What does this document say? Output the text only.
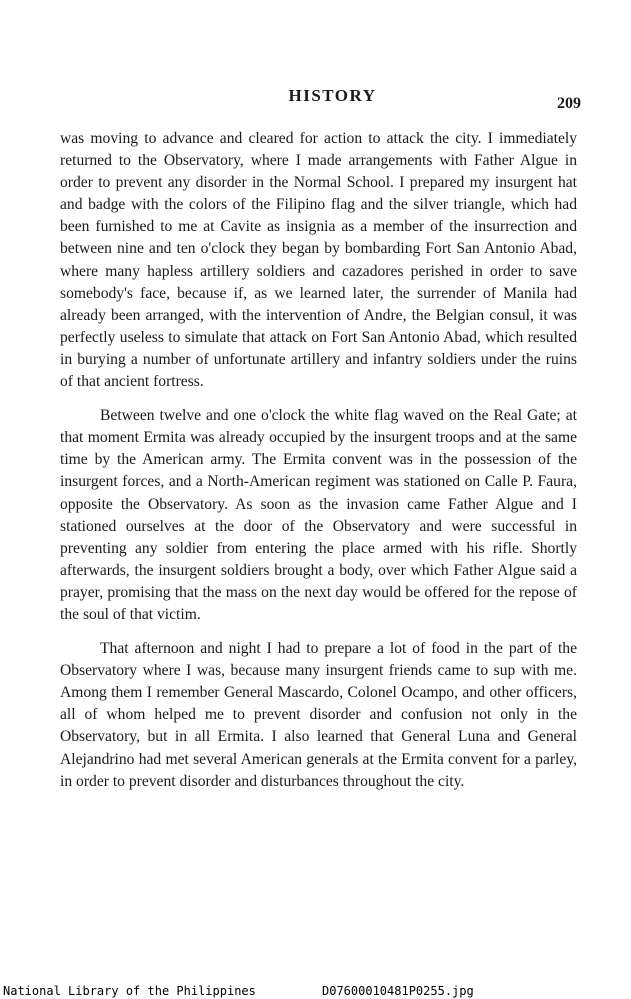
HISTORY	209

was moving to advance and cleared for action to attack the city. I immediately returned to the Observatory, where I made arrangements with Father Algue in order to prevent any disorder in the Normal School. I prepared my insurgent hat and badge with the colors of the Filipino flag and the silver triangle, which had been furnished to me at Cavite as insignia as a member of the insurrection and between nine and ten o'clock they began by bombarding Fort San Antonio Abad, where many hapless artillery soldiers and cazadores perished in order to save somebody's face, because if, as we learned later, the surrender of Manila had already been arranged, with the intervention of Andre, the Belgian consul, it was perfectly useless to simulate that attack on Fort San Antonio Abad, which resulted in burying a number of unfortunate artillery and infantry soldiers under the ruins of that ancient fortress.

Between twelve and one o'clock the white flag waved on the Real Gate; at that moment Ermita was already occupied by the insurgent troops and at the same time by the American army. The Ermita convent was in the possession of the insurgent forces, and a North-American regiment was stationed on Calle P. Faura, opposite the Observatory. As soon as the invasion came Father Algue and I stationed ourselves at the door of the Observatory and were successful in preventing any soldier from entering the place armed with his rifle. Shortly afterwards, the insurgent soldiers brought a body, over which Father Algue said a prayer, promising that the mass on the next day would be offered for the repose of the soul of that victim.

That afternoon and night I had to prepare a lot of food in the part of the Observatory where I was, because many insurgent friends came to sup with me. Among them I remember General Mascardo, Colonel Ocampo, and other officers, all of whom helped me to prevent disorder and confusion not only in the Observatory, but in all Ermita. I also learned that General Luna and General Alejandrino had met several American generals at the Ermita convent for a parley, in order to prevent disorder and disturbances throughout the city.

National Library of the Philippines	D07600010481P0255.jpg
